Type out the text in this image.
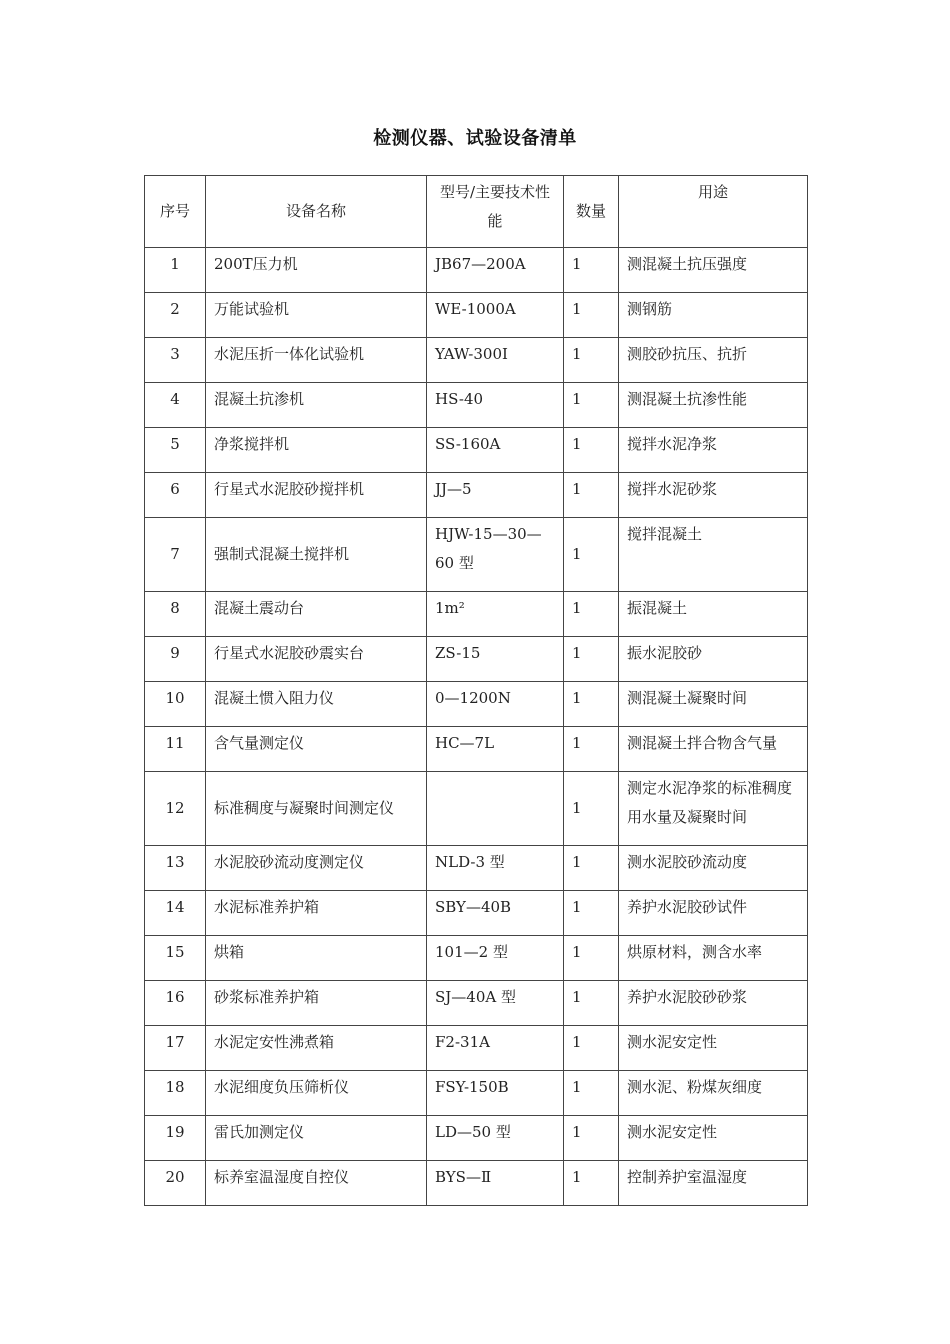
检测仪器、试验设备清单
序号	设备名称	型号/主要技术性能	数量	用途
1	200T压力机	JB67—200A	1	测混凝土抗压强度
2	万能试验机	WE-1000A	1	测钢筋
3	水泥压折一体化试验机	YAW-300I	1	测胶砂抗压、抗折
4	混凝土抗渗机	HS-40	1	测混凝土抗渗性能
5	净浆搅拌机	SS-160A	1	搅拌水泥净浆
6	行星式水泥胶砂搅拌机	JJ—5	1	搅拌水泥砂浆
7	强制式混凝土搅拌机	HJW-15—30—60 型	1	搅拌混凝土
8	混凝土震动台	1m²	1	振混凝土
9	行星式水泥胶砂震实台	ZS-15	1	振水泥胶砂
10	混凝土惯入阻力仪	0—1200N	1	测混凝土凝聚时间
11	含气量测定仪	HC—7L	1	测混凝土拌合物含气量
12	标准稠度与凝聚时间测定仪		1	测定水泥净浆的标准稠度用水量及凝聚时间
13	水泥胶砂流动度测定仪	NLD-3 型	1	测水泥胶砂流动度
14	水泥标准养护箱	SBY—40B	1	养护水泥胶砂试件
15	烘箱	101—2 型	1	烘原材料，测含水率
16	砂浆标准养护箱	SJ—40A 型	1	养护水泥胶砂砂浆
17	水泥定安性沸煮箱	F2-31A	1	测水泥安定性
18	水泥细度负压筛析仪	FSY-150B	1	测水泥、粉煤灰细度
19	雷氏加测定仪	LD—50 型	1	测水泥安定性
20	标养室温湿度自控仪	BYS—Ⅱ	1	控制养护室温湿度
